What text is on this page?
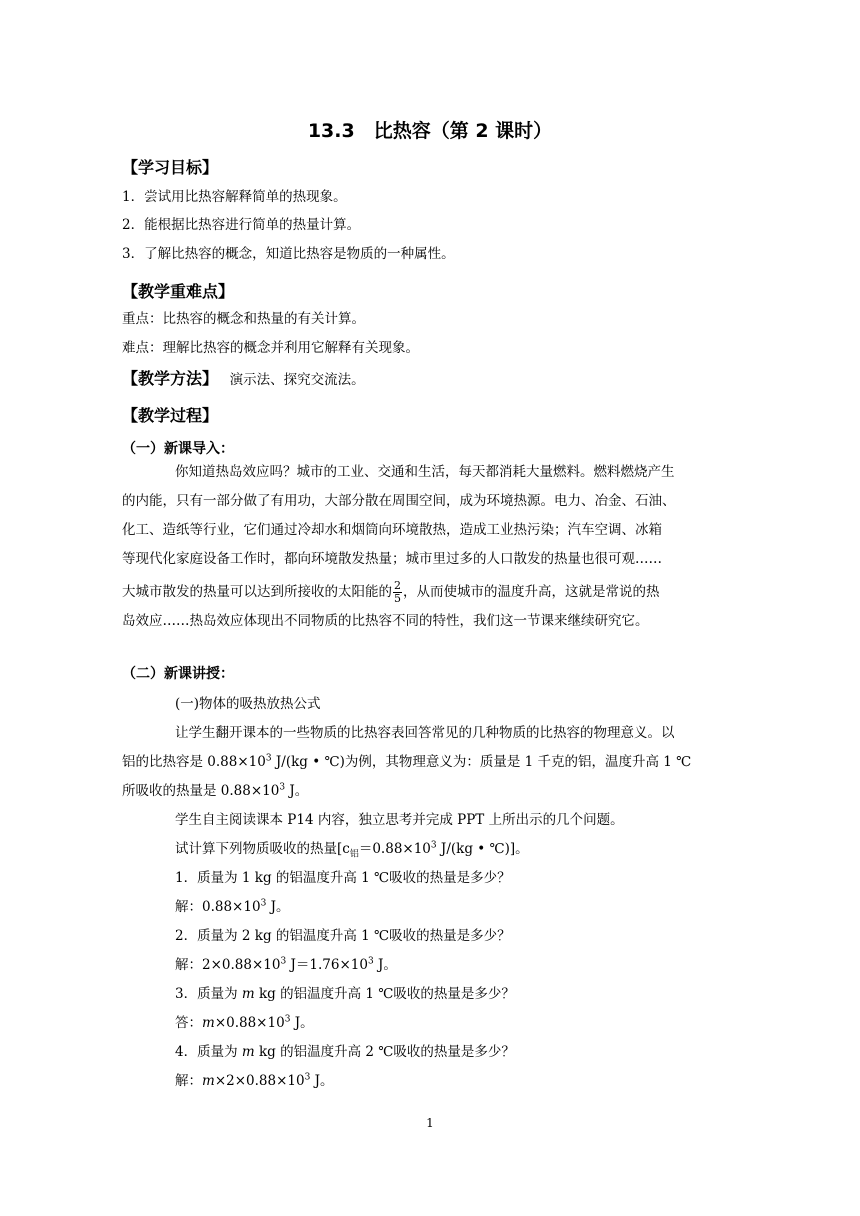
13.3　比热容（第 2 课时）
【学习目标】
1．尝试用比热容解释简单的热现象。
2．能根据比热容进行简单的热量计算。
3．了解比热容的概念，知道比热容是物质的一种属性。
【教学重难点】
重点：比热容的概念和热量的有关计算。
难点：理解比热容的概念并利用它解释有关现象。
【教学方法】 演示法、探究交流法。
【教学过程】
（一）新课导入：
你知道热岛效应吗？城市的工业、交通和生活，每天都消耗大量燃料。燃料燃烧产生
的内能，只有一部分做了有用功，大部分散在周围空间，成为环境热源。电力、冶金、石油、
化工、造纸等行业，它们通过冷却水和烟筒向环境散热，造成工业热污染；汽车空调、冰箱
等现代化家庭设备工作时，都向环境散发热量；城市里过多的人口散发的热量也很可观……
大城市散发的热量可以达到所接收的太阳能的 $\frac{2}{5}$ ，从而使城市的温度升高，这就是常说的热
岛效应……热岛效应体现出不同物质的比热容不同的特性，我们这一节课来继续研究它。
（二）新课讲授：
(一)物体的吸热放热公式
让学生翻开课本的一些物质的比热容表回答常见的几种物质的比热容的物理意义。以
铝的比热容是 $0.88\times 10^3$ J/(kg • ℃)为例，其物理意义为：质量是 1 千克的铝，温度升高 1 ℃
所吸收的热量是 $0.88\times 10^3$ J。
学生自主阅读课本 P14 内容，独立思考并完成 PPT 上所出示的几个问题。
试计算下列物质吸收的热量[$c_铝=0.88\times 10^3$ J/(kg • ℃)]。
1．质量为 1 kg 的铝温度升高 1 ℃吸收的热量是多少？
解：$0.88\times 10^3$ J。
2．质量为 2 kg 的铝温度升高 1 ℃吸收的热量是多少？
解：$2\times 0.88\times 10^3$ $J=1.76\times 10^3$ J。
3．质量为 m kg 的铝温度升高 1 ℃吸收的热量是多少？
答：$m\times 0.88\times 10^3$ J。
4．质量为 m kg 的铝温度升高 2 ℃吸收的热量是多少？
解：$m\times 2\times 0.88\times 10^3$ J。
1
